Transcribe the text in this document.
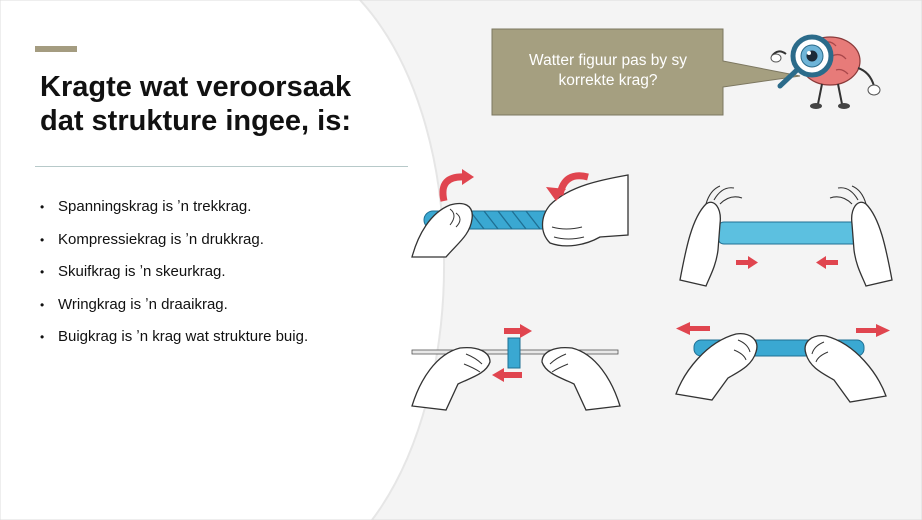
Kragte wat veroorsaak
dat strukture ingee, is:
• Spanningskrag is ʼn trekkrag.
• Kompressiekrag is ʼn drukkrag.
• Skuifkrag is ʼn skeurkrag.
• Wringkrag is ʼn draaikrag.
• Buigkrag is ʼn krag wat strukture buig.
Watter figuur pas by sy korrekte krag?
